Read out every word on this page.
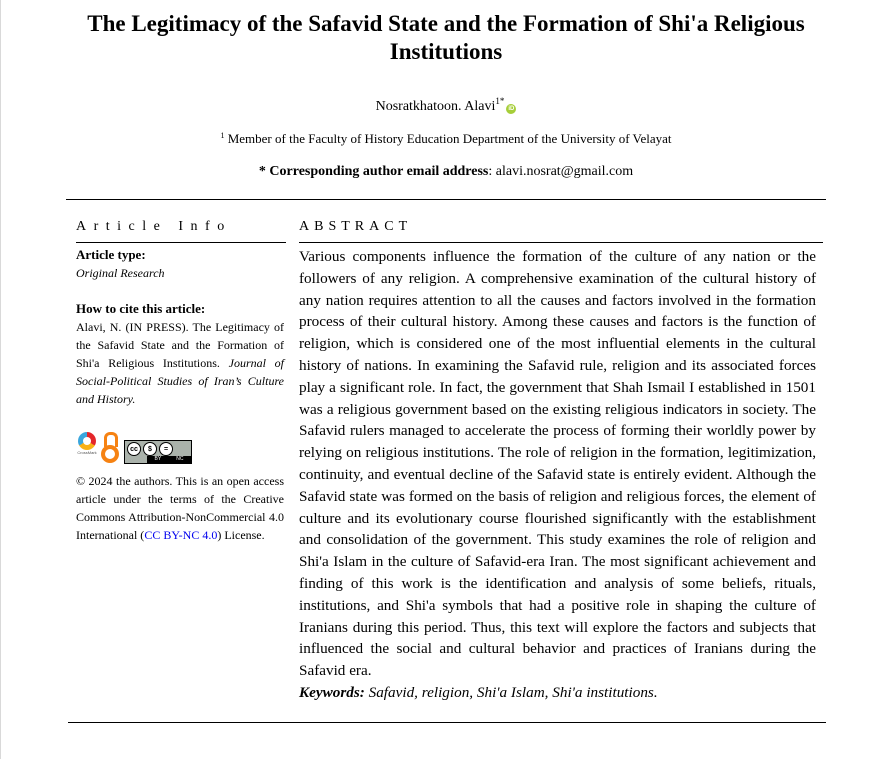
The Legitimacy of the Safavid State and the Formation of Shi'a Religious Institutions
Nosratkhatoon. Alavi$^{1*}$iD
$^1$ Member of the Faculty of History Education Department of the University of Velayat
* Corresponding author email address: alavi.nosrat@gmail.com
Article Info	ABSTRACT
Article type:
Original Research
How to cite this article:
Alavi, N. (IN PRESS). The Legitimacy of the Safavid State and the Formation of Shi'a Religious Institutions. Journal of Social-Political Studies of Iran’s Culture and History.
CrossMark	cc	$	=
BY	NC
© 2024 the authors. This is an open access article under the terms of the Creative Commons Attribution-NonCommercial 4.0 International (CC BY-NC 4.0) License.
Various components influence the formation of the culture of any nation or the followers of any religion. A comprehensive examination of the cultural history of any nation requires attention to all the causes and factors involved in the formation process of their cultural history. Among these causes and factors is the function of religion, which is considered one of the most influential elements in the cultural history of nations. In examining the Safavid rule, religion and its associated forces play a significant role. In fact, the government that Shah Ismail I established in 1501 was a religious government based on the existing religious indicators in society. The Safavid rulers managed to accelerate the process of forming their worldly power by relying on religious institutions. The role of religion in the formation, legitimization, continuity, and eventual decline of the Safavid state is entirely evident. Although the Safavid state was formed on the basis of religion and religious forces, the element of culture and its evolutionary course flourished significantly with the establishment and consolidation of the government. This study examines the role of religion and Shi'a Islam in the culture of Safavid-era Iran. The most significant achievement and finding of this work is the identification and analysis of some beliefs, rituals, institutions, and Shi'a symbols that had a positive role in shaping the culture of Iranians during this period. Thus, this text will explore the factors and subjects that influenced the social and cultural behavior and practices of Iranians during the Safavid era.
Keywords: Safavid, religion, Shi'a Islam, Shi'a institutions.
